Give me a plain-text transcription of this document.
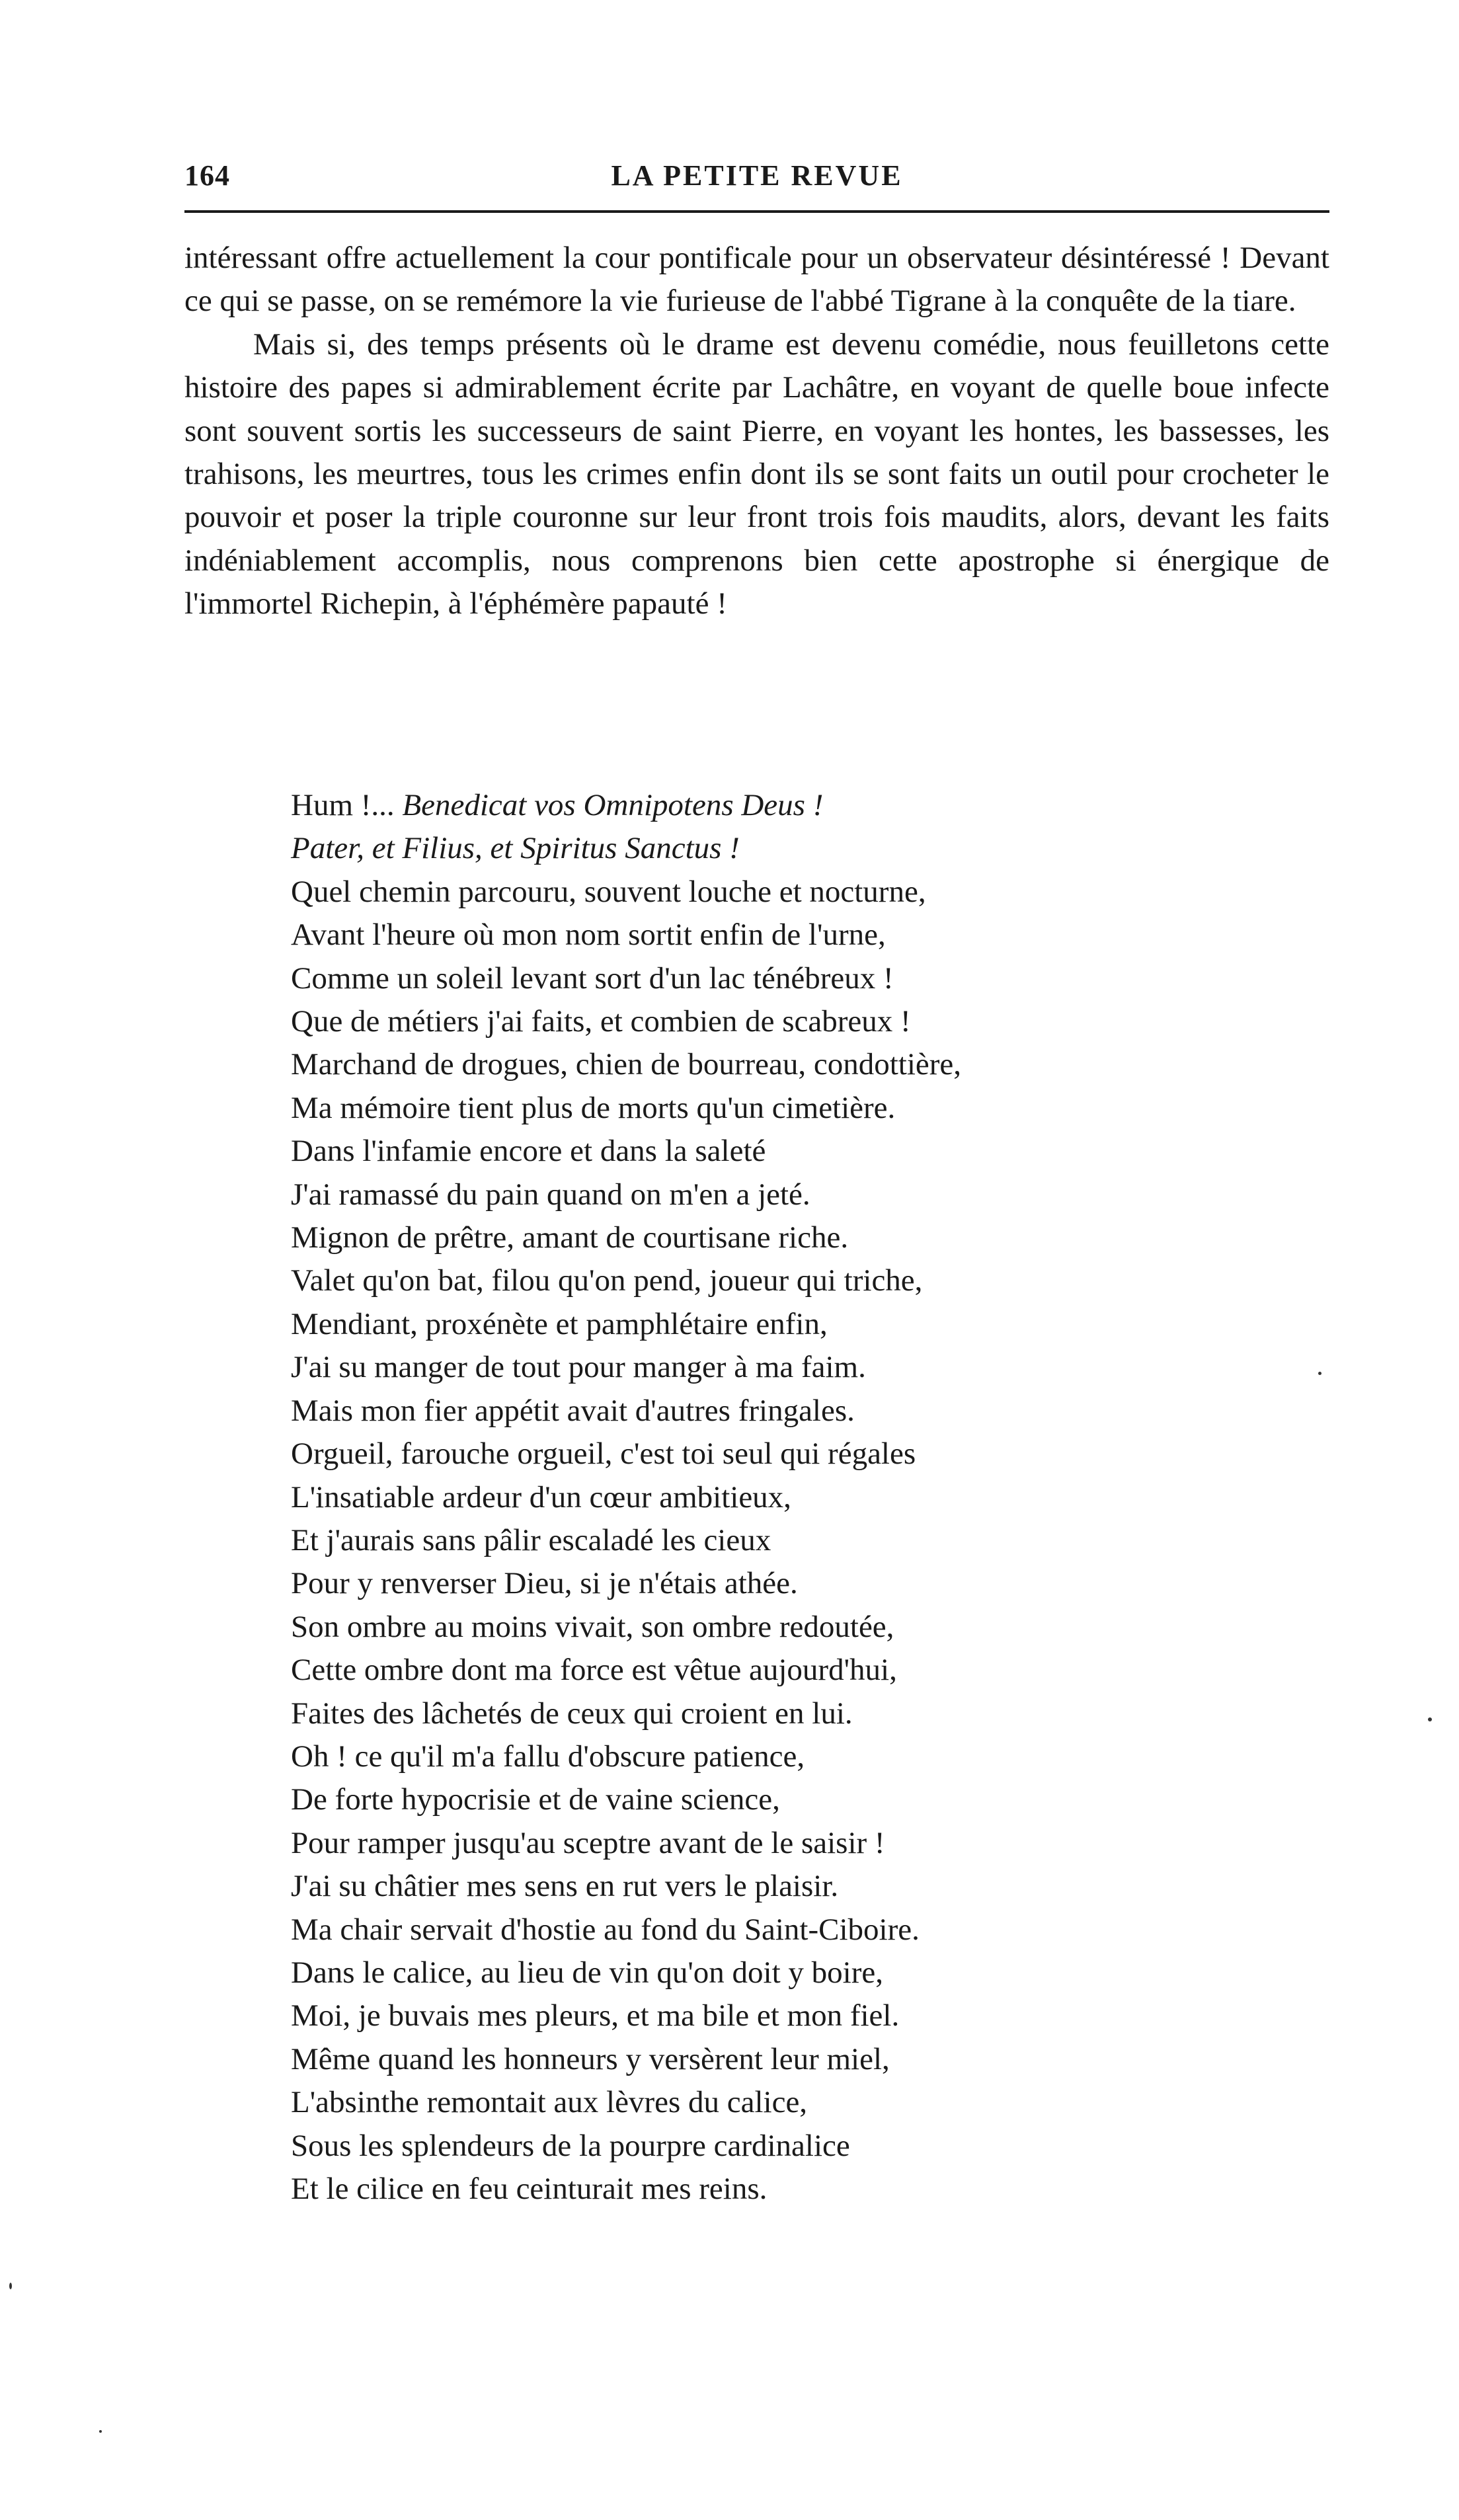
164	LA PETITE REVUE

intéressant offre actuellement la cour pontificale pour un observateur désintéressé ! Devant ce qui se passe, on se remémore la vie furieuse de l'abbé Tigrane à la conquête de la tiare.

Mais si, des temps présents où le drame est devenu comédie, nous feuilletons cette histoire des papes si admirablement écrite par Lachâtre, en voyant de quelle boue infecte sont souvent sortis les successeurs de saint Pierre, en voyant les hontes, les bassesses, les trahisons, les meurtres, tous les crimes enfin dont ils se sont faits un outil pour crocheter le pouvoir et poser la triple couronne sur leur front trois fois maudits, alors, devant les faits indéniablement accomplis, nous comprenons bien cette apostrophe si énergique de l'immortel Richepin, à l'éphémère papauté !

Hum !... Benedicat vos Omnipotens Deus !
Pater, et Filius, et Spiritus Sanctus !
Quel chemin parcouru, souvent louche et nocturne,
Avant l'heure où mon nom sortit enfin de l'urne,
Comme un soleil levant sort d'un lac ténébreux !
Que de métiers j'ai faits, et combien de scabreux !
Marchand de drogues, chien de bourreau, condottière,
Ma mémoire tient plus de morts qu'un cimetière.
Dans l'infamie encore et dans la saleté
J'ai ramassé du pain quand on m'en a jeté.
Mignon de prêtre, amant de courtisane riche.
Valet qu'on bat, filou qu'on pend, joueur qui triche,
Mendiant, proxénète et pamphlétaire enfin,
J'ai su manger de tout pour manger à ma faim.
Mais mon fier appétit avait d'autres fringales.
Orgueil, farouche orgueil, c'est toi seul qui régales
L'insatiable ardeur d'un cœur ambitieux,
Et j'aurais sans pâlir escaladé les cieux
Pour y renverser Dieu, si je n'étais athée.
Son ombre au moins vivait, son ombre redoutée,
Cette ombre dont ma force est vêtue aujourd'hui,
Faites des lâchetés de ceux qui croient en lui.
Oh ! ce qu'il m'a fallu d'obscure patience,
De forte hypocrisie et de vaine science,
Pour ramper jusqu'au sceptre avant de le saisir !
J'ai su châtier mes sens en rut vers le plaisir.
Ma chair servait d'hostie au fond du Saint-Ciboire.
Dans le calice, au lieu de vin qu'on doit y boire,
Moi, je buvais mes pleurs, et ma bile et mon fiel.
Même quand les honneurs y versèrent leur miel,
L'absinthe remontait aux lèvres du calice,
Sous les splendeurs de la pourpre cardinalice
Et le cilice en feu ceinturait mes reins.
